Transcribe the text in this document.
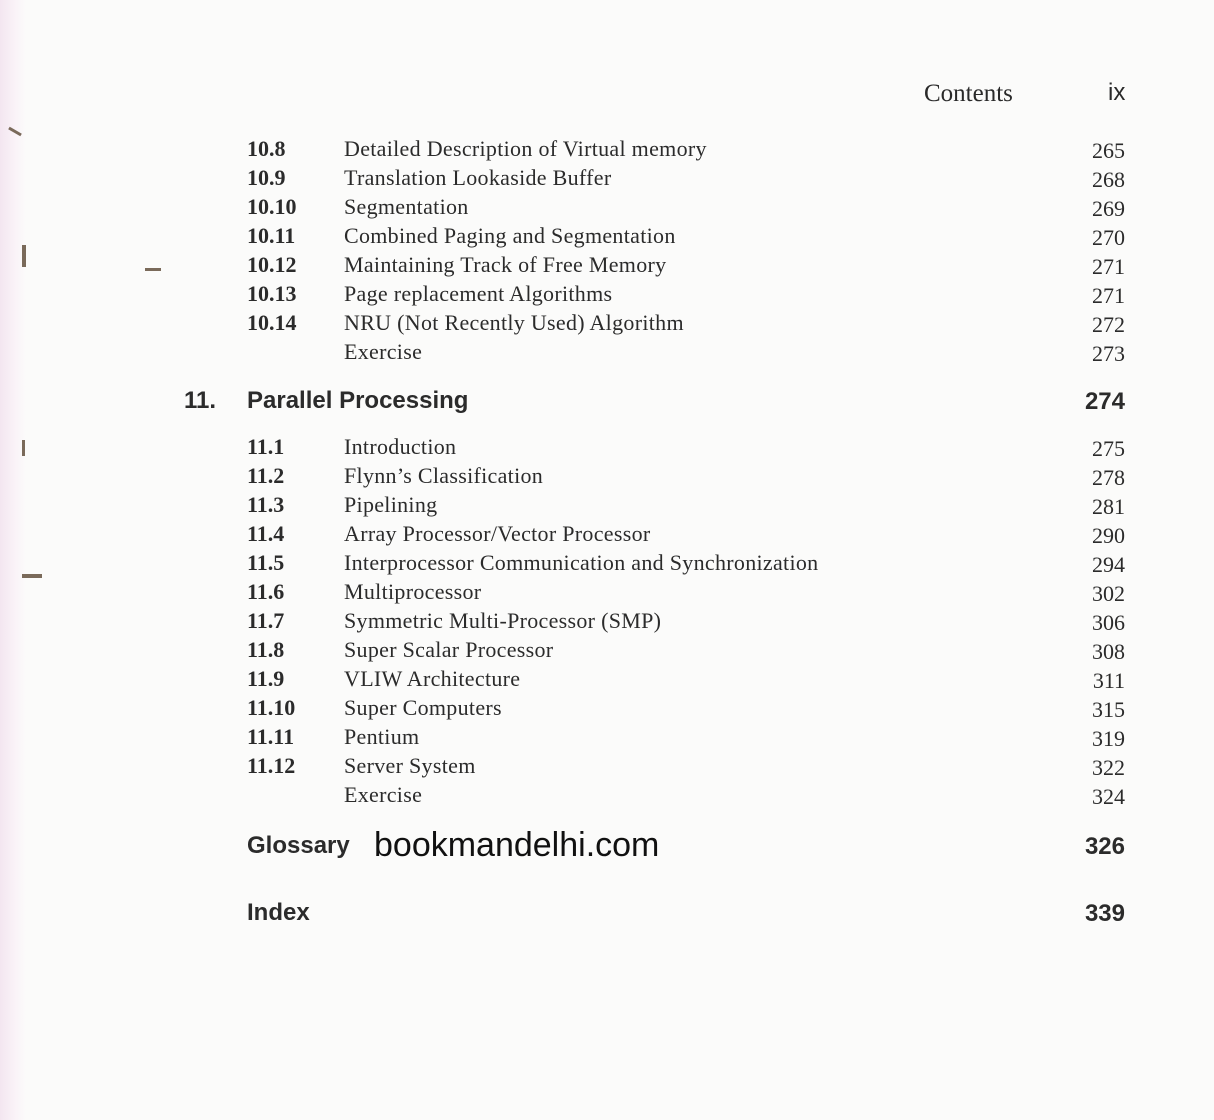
Contents	ix
10.8	Detailed Description of Virtual memory	265
10.9	Translation Lookaside Buffer	268
10.10 Segmentation	269
10.11 Combined Paging and Segmentation	270
10.12 Maintaining Track of Free Memory	271
10.13 Page replacement Algorithms	271
10.14 NRU (Not Recently Used) Algorithm	272
Exercise	273
11. Parallel Processing	274
11.1	Introduction	275
11.2	Flynn’s Classification	278
11.3	Pipelining	281
11.4	Array Processor/Vector Processor	290
11.5	Interprocessor Communication and Synchronization	294
11.6	Multiprocessor	302
11.7	Symmetric Multi-Processor (SMP)	306
11.8	Super Scalar Processor	308
11.9	VLIW Architecture	311
11.10 Super Computers	315
11.11 Pentium	319
11.12 Server System	322
Exercise	324
Glossary	326
bookmandelhi.com
Index	339
